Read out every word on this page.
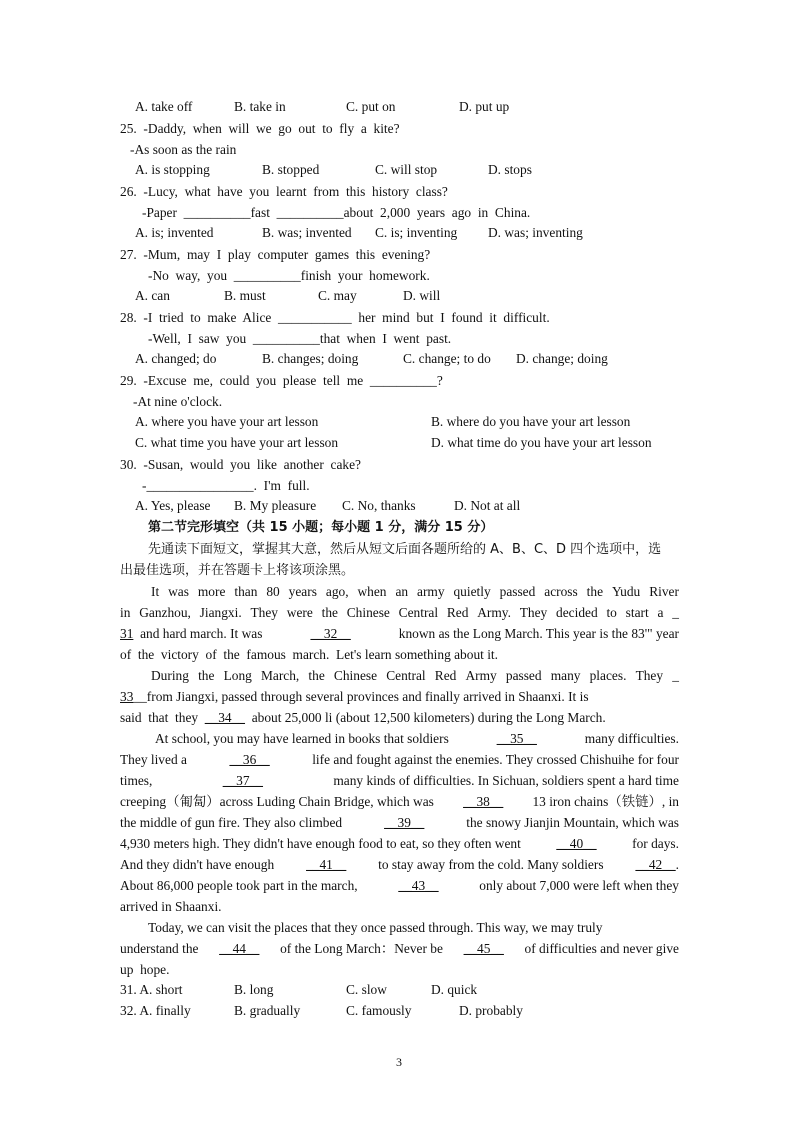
A. take off	B. take in	C. put on	D. put up
25.  -Daddy,  when  will  we  go  out  to  fly  a  kite?
-As soon as the rain
A. is stopping	B. stopped	C. will stop	D. stops
26.  -Lucy,  what  have  you  learnt  from  this  history  class?
-Paper  __________fast  __________about  2,000  years  ago  in  China.
A. is; invented	B. was; invented C. is; inventing D. was; inventing
27.  -Mum,  may  I  play  computer  games  this  evening?
-No  way,  you  __________finish  your  homework.
A. can	B. must	C. may	D. will
28.  -I  tried  to  make  Alice  ___________  her  mind  but  I  found  it  difficult.
-Well,  I  saw  you  __________that  when  I  went  past.
A. changed; do	B. changes; doing	C. change; to do D. change; doing
29.  -Excuse  me,  could  you  please  tell  me  __________?
-At nine o'clock.
A. where you have your art lesson	B. where do you have your art lesson
C. what time you have your art lesson	D. what time do you have your art lesson
30.  -Susan,  would  you  like  another  cake?
-________________.  I'm  full.
A. Yes, please B. My pleasure C. No, thanks	D. Not at all
第二节完形填空（共 15 小题；每小题 1 分，满分 15 分）
先通读下面短文，掌握其大意，然后从短文后面各题所给的 A、B、C、D 四个选项中，选
出最佳选项，并在答题卡上将该项涂黑。
It was more than 80 years ago, when an army quietly passed across the Yudu River
in Ganzhou, Jiangxi. They were the Chinese Central Red Army. They decided to start a _
31 and hard march. It was	__32__	known as the Long March. This year is the 83'" year
of  the  victory  of  the  famous  march.  Let's learn something about it.
During the Long March, the Chinese Central Red Army passed many places. They _
33__from Jiangxi, passed through several provinces and finally arrived in Shaanxi. It is
said  that  they __34__ about 25,000 li (about 12,500 kilometers) during the Long March.
At school, you may have learned in books that soldiers	__35__	many difficulties.
They lived a	__36__	life and fought against the enemies. They crossed Chishuihe for four
times,	__37__	many kinds of difficulties. In Sichuan, soldiers spent a hard time
creeping（匍匐）across Luding Chain Bridge, which was __38__ 13 iron chains（铁链）, in
the middle of gun fire. They also climbed	__39__	the snowy Jianjin Mountain, which was
4,930 meters high. They didn't have enough food to eat, so they often went	__40__	for days.
And they didn't have enough __41__ to stay away from the cold. Many soldiers __42__.
About 86,000 people took part in the march,	__43__	only about 7,000 were left when they
arrived in Shaanxi.
Today, we can visit the places that they once passed through. This way, we may truly
understand the __44__ of the Long March：Never be __45__ of difficulties and never give
up  hope.
31. A. short	B. long	C. slow	D. quick
32. A. finally	B. gradually	C. famously	D. probably
3
